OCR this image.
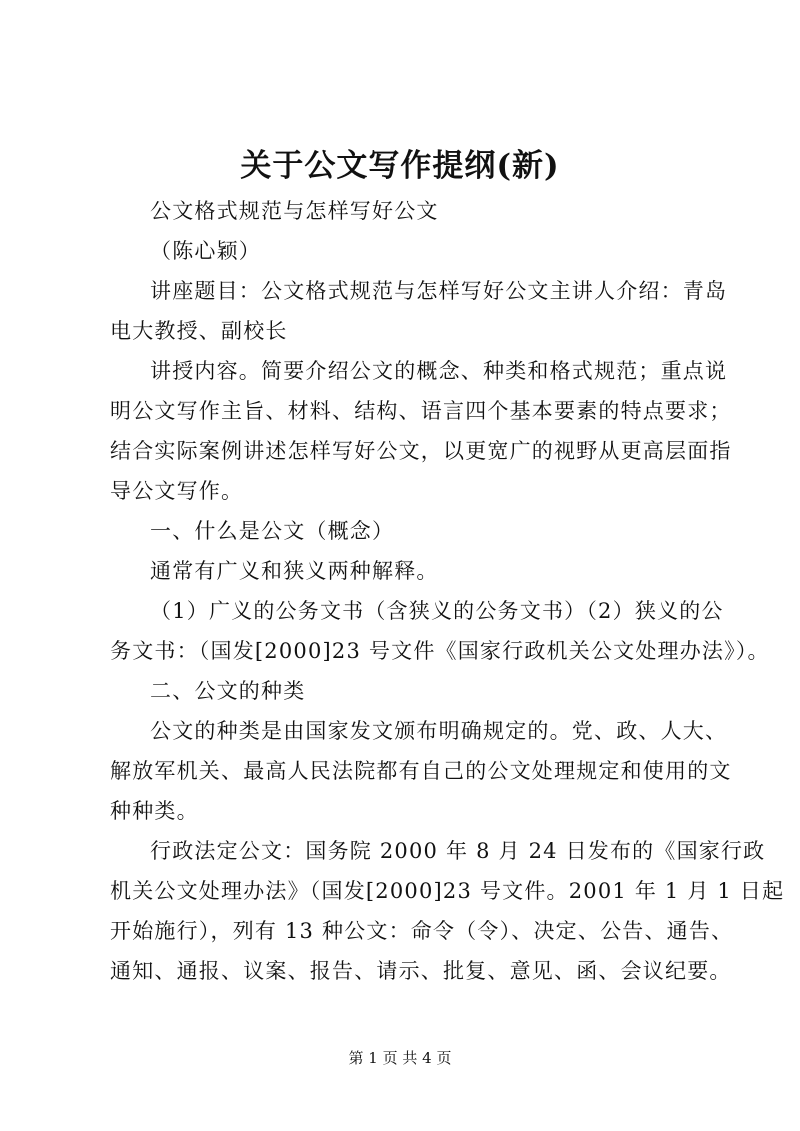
关于公文写作提纲(新)
公文格式规范与怎样写好公文
（陈心颖）
讲座题目：公文格式规范与怎样写好公文主讲人介绍：青岛
电大教授、副校长
讲授内容。简要介绍公文的概念、种类和格式规范；重点说
明公文写作主旨、材料、结构、语言四个基本要素的特点要求；
结合实际案例讲述怎样写好公文，以更宽广的视野从更高层面指
导公文写作。
一、什么是公文（概念）
通常有广义和狭义两种解释。
（1）广义的公务文书（含狭义的公务文书）（2）狭义的公
务文书：（国发[2000]23 号文件《国家行政机关公文处理办法》）。
二、公文的种类
公文的种类是由国家发文颁布明确规定的。党、政、人大、
解放军机关、最高人民法院都有自己的公文处理规定和使用的文
种种类。
行政法定公文：国务院 2000 年 8 月 24 日发布的《国家行政
机关公文处理办法》（国发[2000]23 号文件。2001 年 1 月 1 日起
开始施行），列有 13 种公文：命令（令）、决定、公告、通告、
通知、通报、议案、报告、请示、批复、意见、函、会议纪要。
第 1 页 共 4 页
